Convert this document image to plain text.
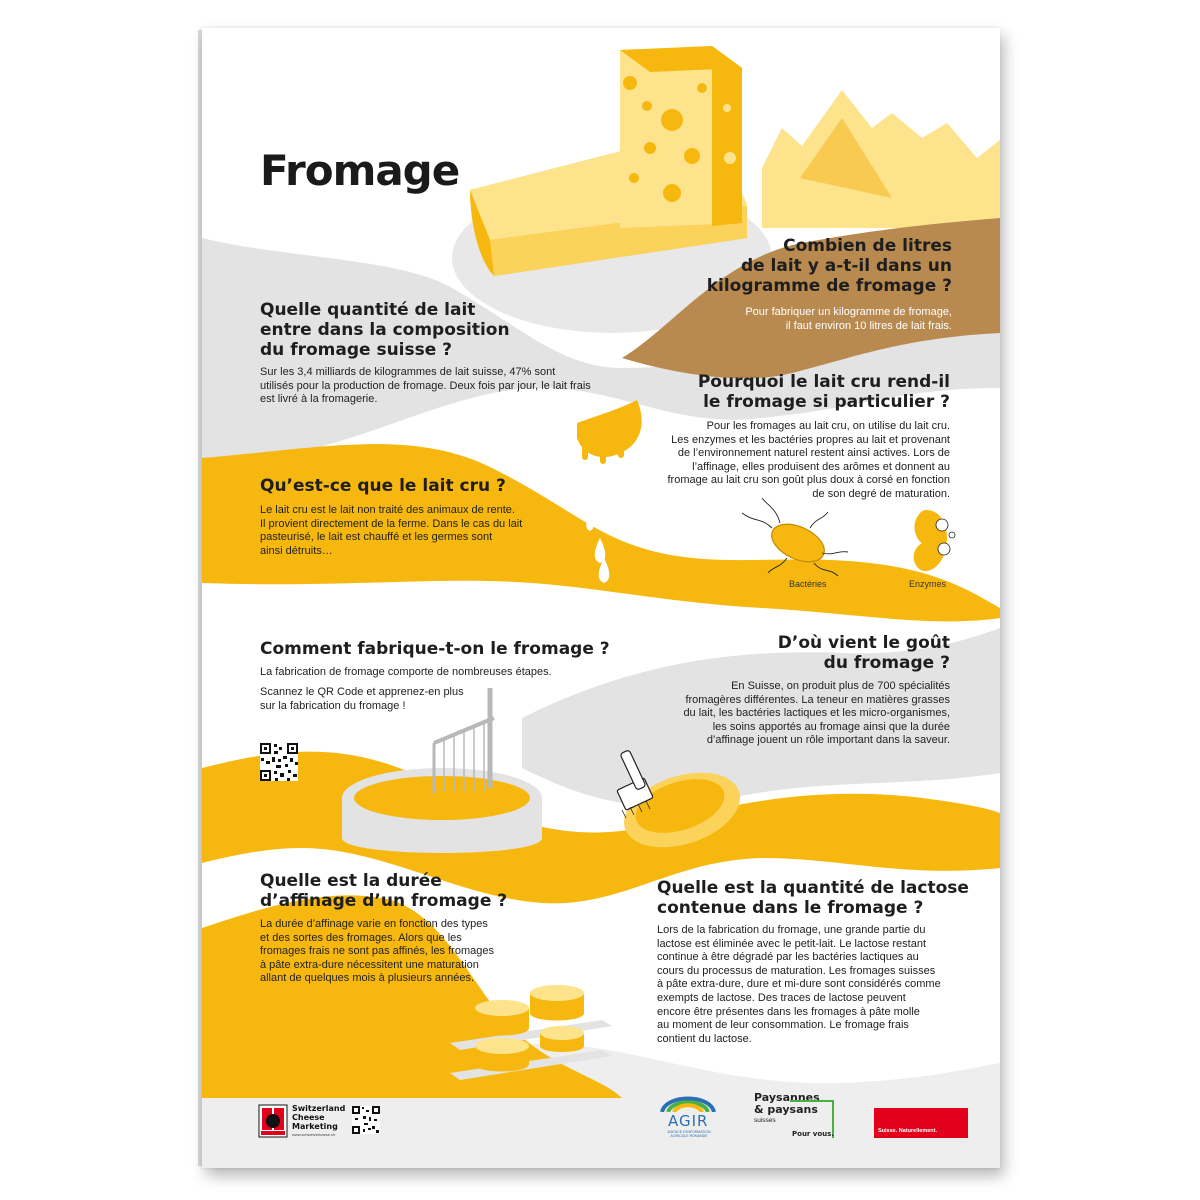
Fromage
Combien de litres
de lait y a-t-il dans un
kilogramme de fromage ?
Pour fabriquer un kilogramme de fromage,
il faut environ 10 litres de lait frais.
Quelle quantité de lait
entre dans la composition
du fromage suisse ?
Sur les 3,4 milliards de kilogrammes de lait suisse, 47% sont
utilisés pour la production de fromage. Deux fois par jour, le lait frais
est livré à la fromagerie.
Pourquoi le lait cru rend-il
le fromage si particulier ?
Pour les fromages au lait cru, on utilise du lait cru.
Les enzymes et les bactéries propres au lait et provenant
de l’environnement naturel restent ainsi actives. Lors de
l’affinage, elles produisent des arômes et donnent au
fromage au lait cru son goût plus doux à corsé en fonction
de son degré de maturation.
Bactéries	Enzymes
Qu’est-ce que le lait cru ?
Le lait cru est le lait non traité des animaux de rente.
Il provient directement de la ferme. Dans le cas du lait
pasteurisé, le lait est chauffé et les germes sont
ainsi détruits…
Comment fabrique-t-on le fromage ?
La fabrication de fromage comporte de nombreuses étapes.
Scannez le QR Code et apprenez-en plus
sur la fabrication du fromage !
D’où vient le goût
du fromage ?
En Suisse, on produit plus de 700 spécialités
fromagères différentes. La teneur en matières grasses
du lait, les bactéries lactiques et les micro-organismes,
les soins apportés au fromage ainsi que la durée
d’affinage jouent un rôle important dans la saveur.
Quelle est la durée
d’affinage d’un fromage ?
La durée d’affinage varie en fonction des types
et des sortes des fromages. Alors que les
fromages frais ne sont pas affinés, les fromages
à pâte extra-dure nécessitent une maturation
allant de quelques mois à plusieurs années.
Quelle est la quantité de lactose
contenue dans le fromage ?
Lors de la fabrication du fromage, une grande partie du
lactose est éliminée avec le petit-lait. Le lactose restant
continue à être dégradé par les bactéries lactiques au
cours du processus de maturation. Les fromages suisses
à pâte extra-dure, dure et mi-dure sont considérés comme
exempts de lactose. Des traces de lactose peuvent
encore être présentes dans les fromages à pâte molle
au moment de leur consommation. Le fromage frais
contient du lactose.
Switzerland
Cheese
Marketing
www.schweizerkaese.ch
AGIR
AGENCE D’INFORMATION
AGRICOLE ROMANDE
Paysannes
& paysans
suisses
Pour vous.	Suisse. Naturellement.
